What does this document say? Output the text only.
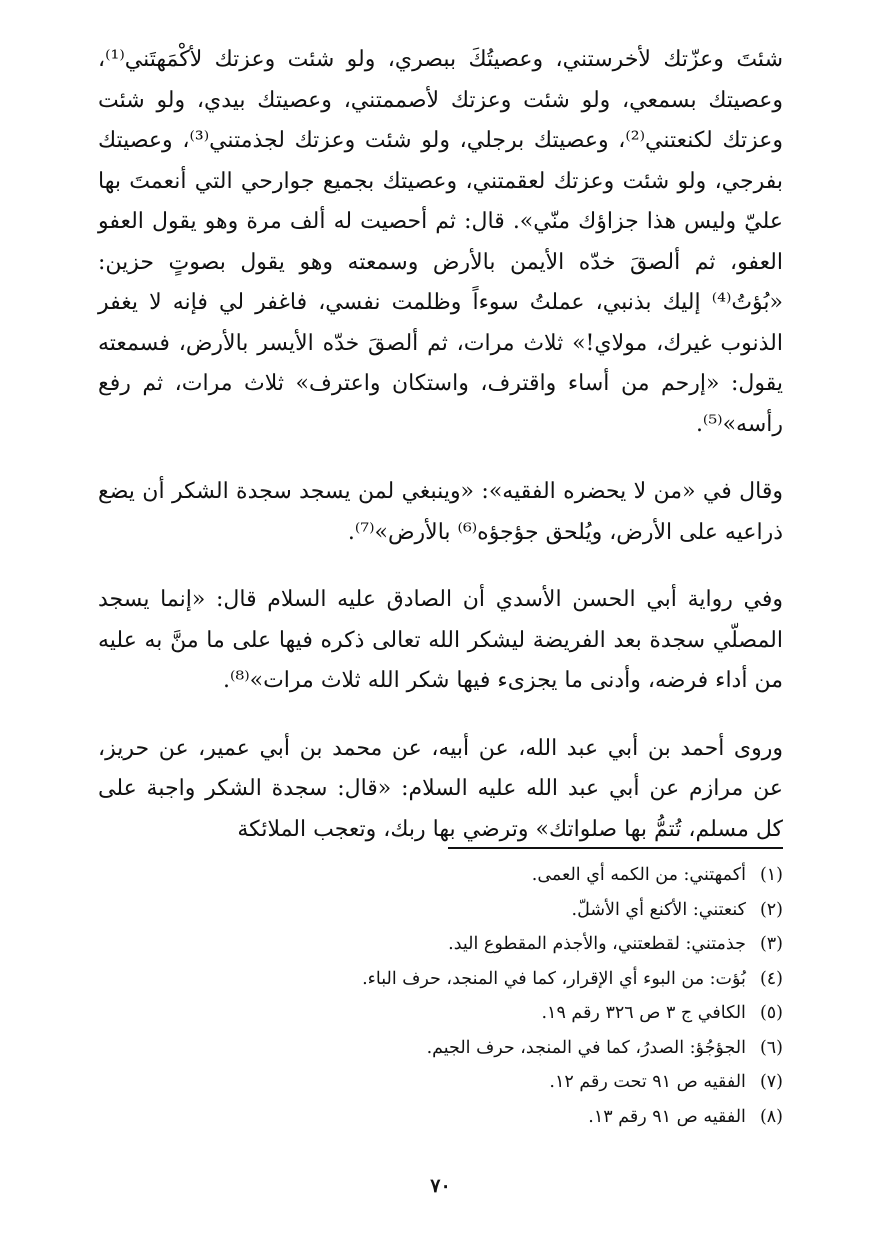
شئتَ وعزّتك لأخرستني، وعصيتُكَ ببصري، ولو شئت وعزتك لأكْمَهتَني⁽¹⁾، وعصيتك بسمعي، ولو شئت وعزتك لأصممتني، وعصيتك بيدي، ولو شئت وعزتك لكنعتني⁽²⁾، وعصيتك برجلي، ولو شئت وعزتك لجذمتني⁽³⁾، وعصيتك بفرجي، ولو شئت وعزتك لعقمتني، وعصيتك بجميع جوارحي التي أنعمتَ بها عليّ وليس هذا جزاؤك منّي». قال: ثم أحصيت له ألف مرة وهو يقول العفو العفو، ثم ألصقَ خدّه الأيمن بالأرض وسمعته وهو يقول بصوتٍ حزين: «بُؤتُ⁽⁴⁾ إليك بذنبي، عملتُ سوءاً وظلمت نفسي، فاغفر لي فإنه لا يغفر الذنوب غيرك، مولاي!» ثلاث مرات، ثم ألصقَ خدّه الأيسر بالأرض، فسمعته يقول: «إرحم من أساء واقترف، واستكان واعترف» ثلاث مرات، ثم رفع رأسه»⁽⁵⁾.

وقال في «من لا يحضره الفقيه»: «وينبغي لمن يسجد سجدة الشكر أن يضع ذراعيه على الأرض، ويُلحق جؤجؤه⁽⁶⁾ بالأرض»⁽⁷⁾.

وفي رواية أبي الحسن الأسدي أن الصادق عليه السلام قال: «إنما يسجد المصلّي سجدة بعد الفريضة ليشكر الله تعالى ذكره فيها على ما منَّ به عليه من أداء فرضه، وأدنى ما يجزىء فيها شكر الله ثلاث مرات»⁽⁸⁾.

وروى أحمد بن أبي عبد الله، عن أبيه، عن محمد بن أبي عمير، عن حريز، عن مرازم عن أبي عبد الله عليه السلام: «قال: سجدة الشكر واجبة على كل مسلم، تُتمُّ بها صلواتك» وترضي بها ربك، وتعجب الملائكة

(١)أكمهتني: من الكمه أي العمى.
(٢)كنعتني: الأكنع أي الأشلّ.
(٣)جذمتني: لقطعتني، والأجذم المقطوع اليد.
(٤)بُؤت: من البوء أي الإقرار، كما في المنجد، حرف الباء.
(٥)الكافي ج ٣ ص ٣٢٦ رقم ١٩.
(٦)الجؤجُؤ: الصدرُ، كما في المنجد، حرف الجيم.
(٧)الفقيه ص ٩١ تحت رقم ١٢.
(٨)الفقيه ص ٩١ رقم ١٣.
٧٠
